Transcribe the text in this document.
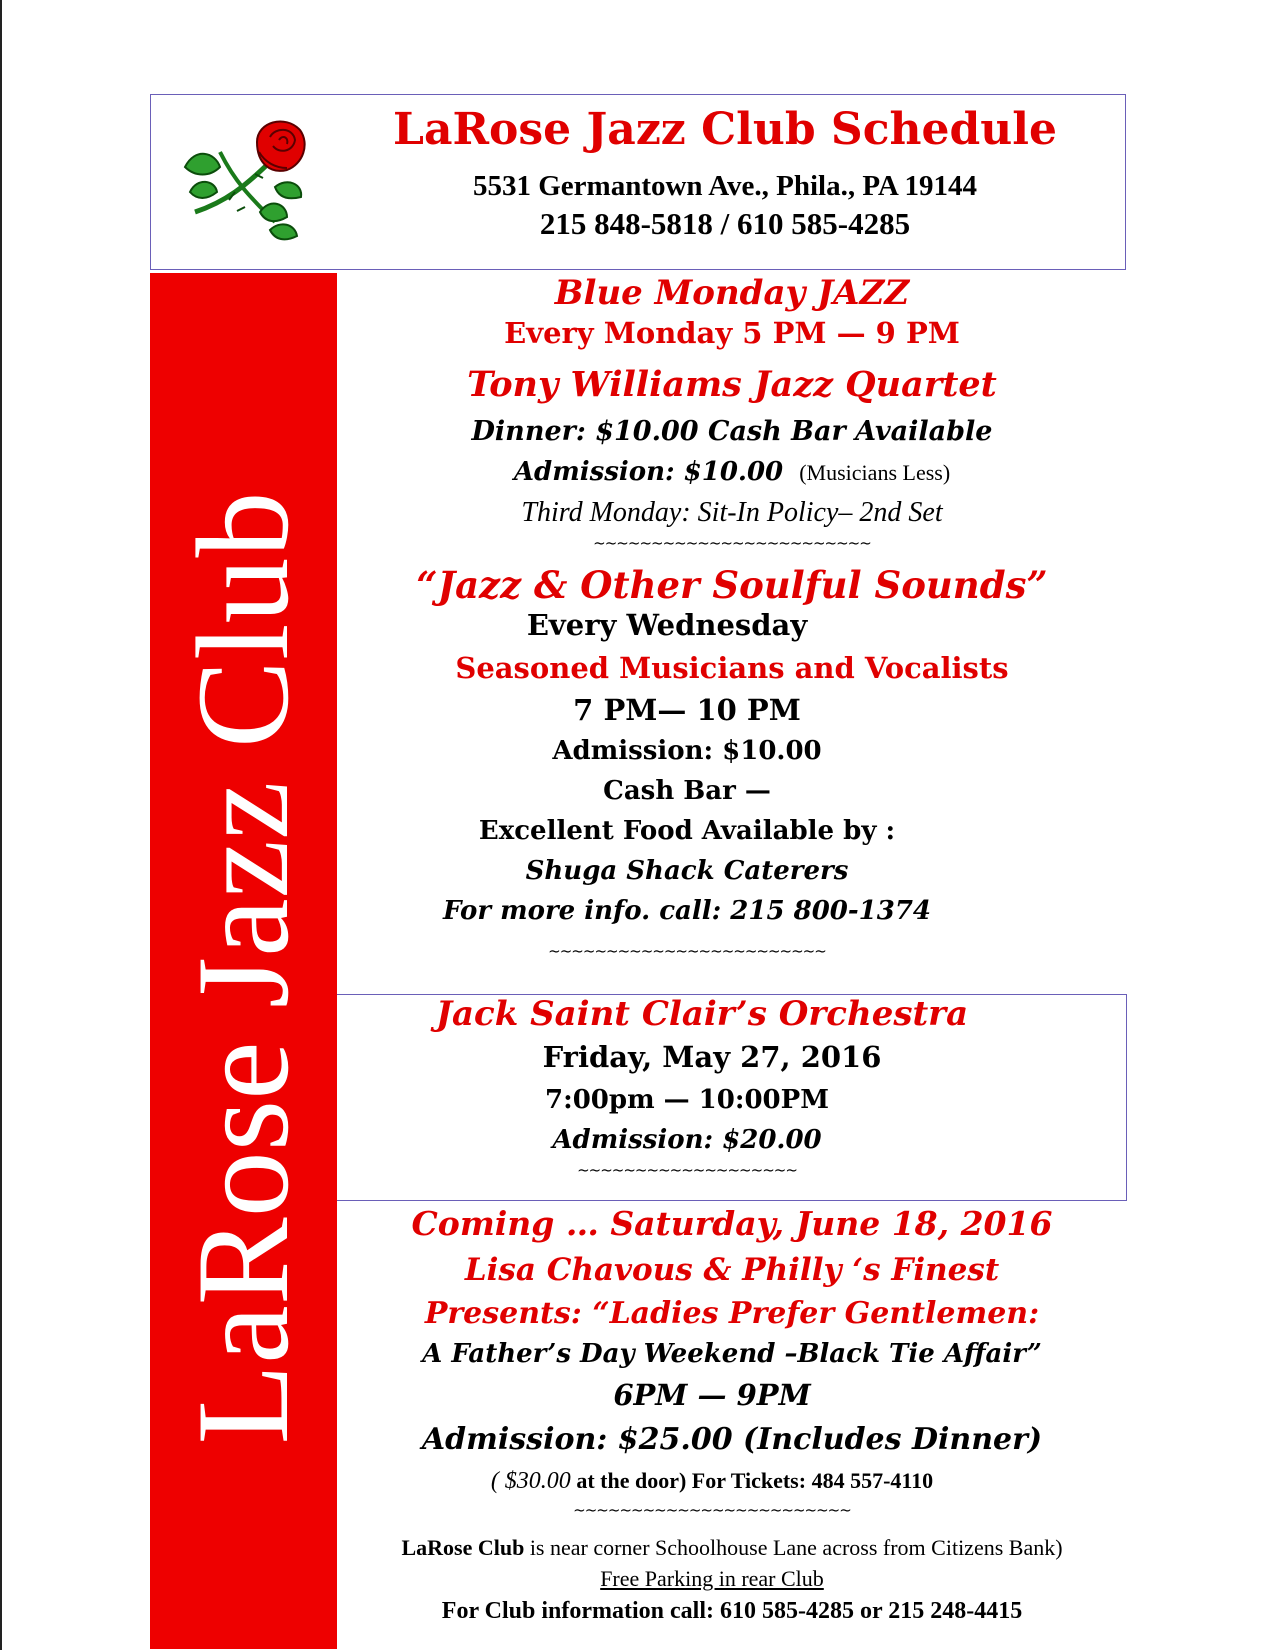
LaRose Jazz Club Schedule
5531 Germantown Ave., Phila., PA 19144
215 848-5818 / 610 585-4285
LaRose Jazz Club
Blue Monday JAZZ
Every Monday 5 PM — 9 PM
Tony Williams Jazz Quartet
Dinner: $10.00 Cash Bar Available
Admission: $10.00 (Musicians Less)
Third Monday: Sit-In Policy– 2nd Set
~~~~~~~~~~~~~~~~~~~~~~~~
“Jazz & Other Soulful Sounds”
Every Wednesday
Seasoned Musicians and Vocalists
7 PM— 10 PM
Admission: $10.00
Cash Bar —
Excellent Food Available by :
Shuga Shack Caterers
For more info. call: 215 800-1374
~~~~~~~~~~~~~~~~~~~~~~~~
Jack Saint Clair’s Orchestra
Friday, May 27, 2016
7:00pm — 10:00PM
Admission: $20.00
~~~~~~~~~~~~~~~~~~~
Coming … Saturday, June 18, 2016
Lisa Chavous & Philly ‘s Finest
Presents: “Ladies Prefer Gentlemen:
A Father’s Day Weekend –Black Tie Affair”
6PM — 9PM
Admission: $25.00 (Includes Dinner)
( $30.00 at the door) For Tickets: 484 557-4110
~~~~~~~~~~~~~~~~~~~~~~~~
LaRose Club is near corner Schoolhouse Lane across from Citizens Bank)
Free Parking in rear Club
For Club information call: 610 585-4285 or 215 248-4415
